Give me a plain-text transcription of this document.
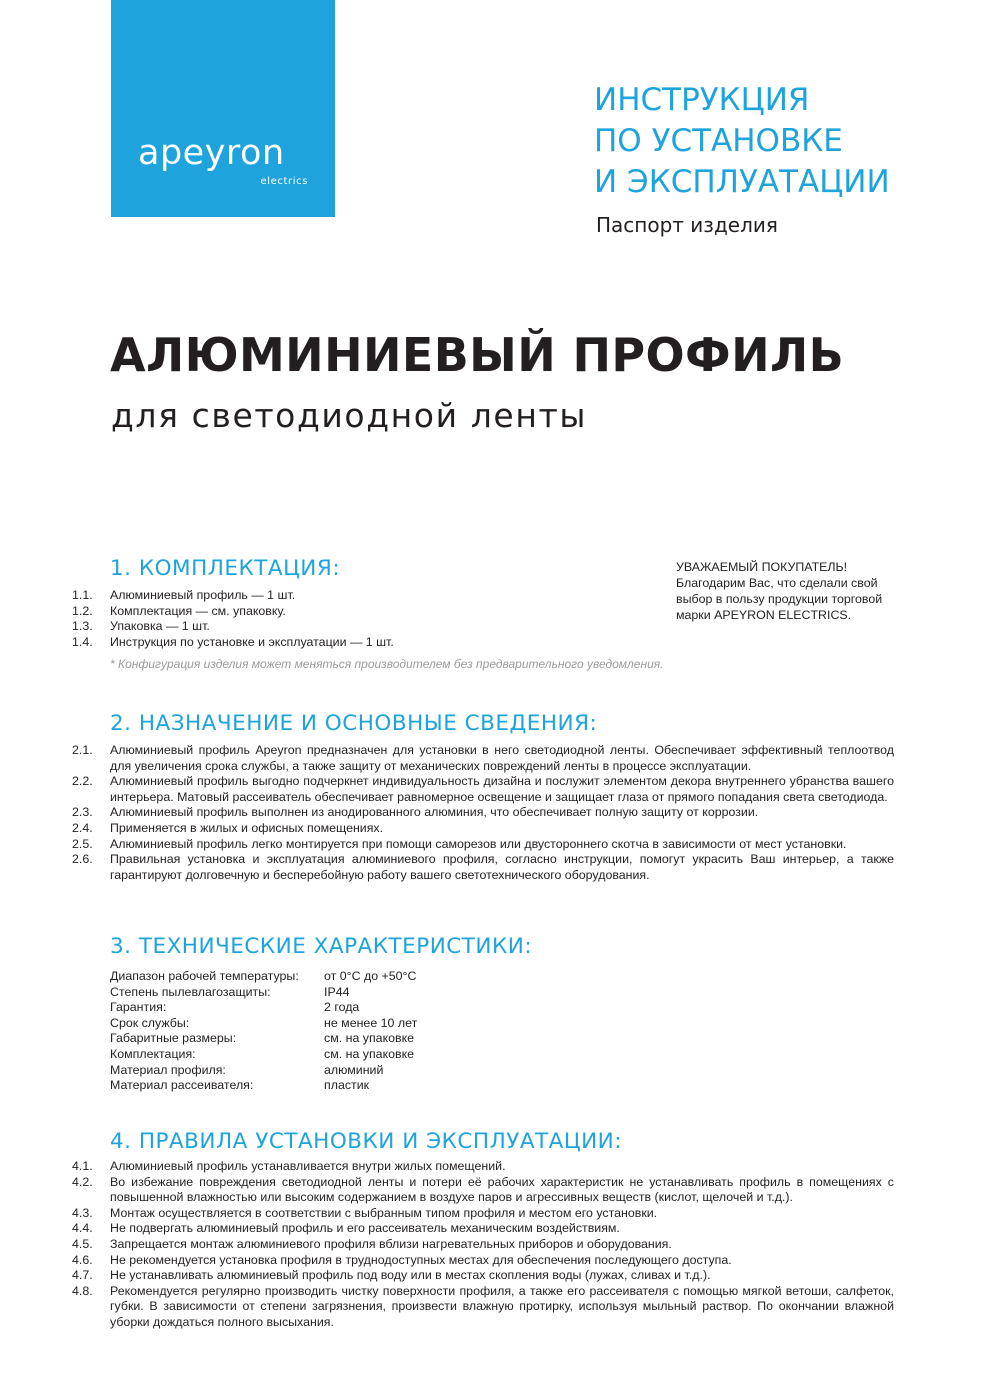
apeyron
electrics
ИНСТРУКЦИЯ
ПО УСТАНОВКЕ
И ЭКСПЛУАТАЦИИ
Паспорт изделия
АЛЮМИНИЕВЫЙ ПРОФИЛЬ
для светодиодной ленты
УВАЖАЕМЫЙ ПОКУПАТЕЛЬ!
Благодарим Вас, что сделали свой выбор в пользу продукции торговой марки APEYRON ELECTRICS.
1. КОМПЛЕКТАЦИЯ:
1.1. Алюминиевый профиль — 1 шт.
1.2. Комплектация — см. упаковку.
1.3. Упаковка — 1 шт.
1.4. Инструкция по установке и эксплуатации — 1 шт.
* Конфигурация изделия может меняться производителем без предварительного уведомления.
2. НАЗНАЧЕНИЕ И ОСНОВНЫЕ СВЕДЕНИЯ:
2.1. Алюминиевый профиль Apeyron предназначен для установки в него светодиодной ленты. Обеспечивает эффективный теплоотвод для увеличения срока службы, а также защиту от механических повреждений ленты в процессе эксплуатации.
2.2. Алюминиевый профиль выгодно подчеркнет индивидуальность дизайна и послужит элементом декора внутреннего убранства вашего интерьера. Матовый рассеиватель обеспечивает равномерное освещение и защищает глаза от прямого попадания света светодиода.
2.3. Алюминиевый профиль выполнен из анодированного алюминия, что обеспечивает полную защиту от коррозии.
2.4. Применяется в жилых и офисных помещениях.
2.5. Алюминиевый профиль легко монтируется при помощи саморезов или двустороннего скотча в зависимости от мест установки.
2.6. Правильная установка и эксплуатация алюминиевого профиля, согласно инструкции, помогут украсить Ваш интерьер, а также гарантируют долговечную и бесперебойную работу вашего светотехнического оборудования.
3. ТЕХНИЧЕСКИЕ ХАРАКТЕРИСТИКИ:
Диапазон рабочей температуры:	от 0°C до +50°C
Степень пылевлагозащиты:	IP44
Гарантия:	2 года
Срок службы:	не менее 10 лет
Габаритные размеры:	см. на упаковке
Комплектация:	см. на упаковке
Материал профиля:	алюминий
Материал рассеивателя:	пластик
4. ПРАВИЛА УСТАНОВКИ И ЭКСПЛУАТАЦИИ:
4.1. Алюминиевый профиль устанавливается внутри жилых помещений.
4.2. Во избежание повреждения светодиодной ленты и потери её рабочих характеристик не устанавливать профиль в помещениях с повышенной влажностью или высоким содержанием в воздухе паров и агрессивных веществ (кислот, щелочей и т.д.).
4.3. Монтаж осуществляется в соответствии с выбранным типом профиля и местом его установки.
4.4. Не подвергать алюминиевый профиль и его рассеиватель механическим воздействиям.
4.5. Запрещается монтаж алюминиевого профиля вблизи нагревательных приборов и оборудования.
4.6. Не рекомендуется установка профиля в труднодоступных местах для обеспечения последующего доступа.
4.7. Не устанавливать алюминиевый профиль под воду или в местах скопления воды (лужах, сливах и т.д.).
4.8. Рекомендуется регулярно производить чистку поверхности профиля, а также его рассеивателя с помощью мягкой ветоши, салфеток, губки. В зависимости от степени загрязнения, произвести влажную протирку, используя мыльный раствор. По окончании влажной уборки дождаться полного высыхания.
